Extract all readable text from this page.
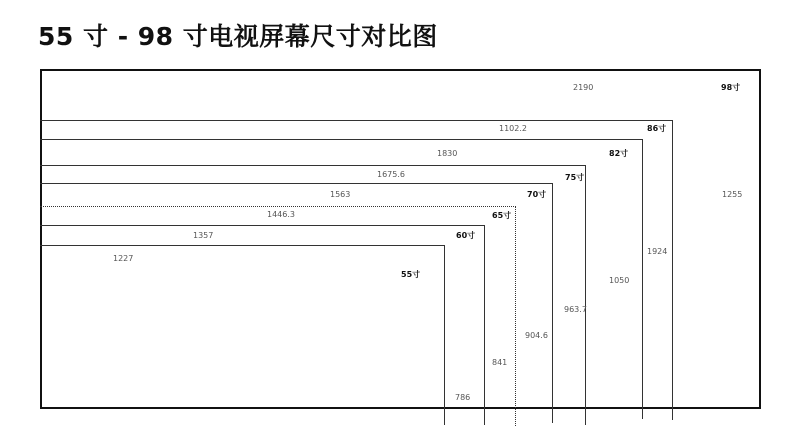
55 寸 - 98 寸电视屏幕尺寸对比图
2190	98寸
1255
1102.2	86寸
1924
1830	82寸
1050
1675.6	75寸
963.7
1563	70寸
904.6
1446.3	65寸
841
1357	60寸
786
1227
55寸
